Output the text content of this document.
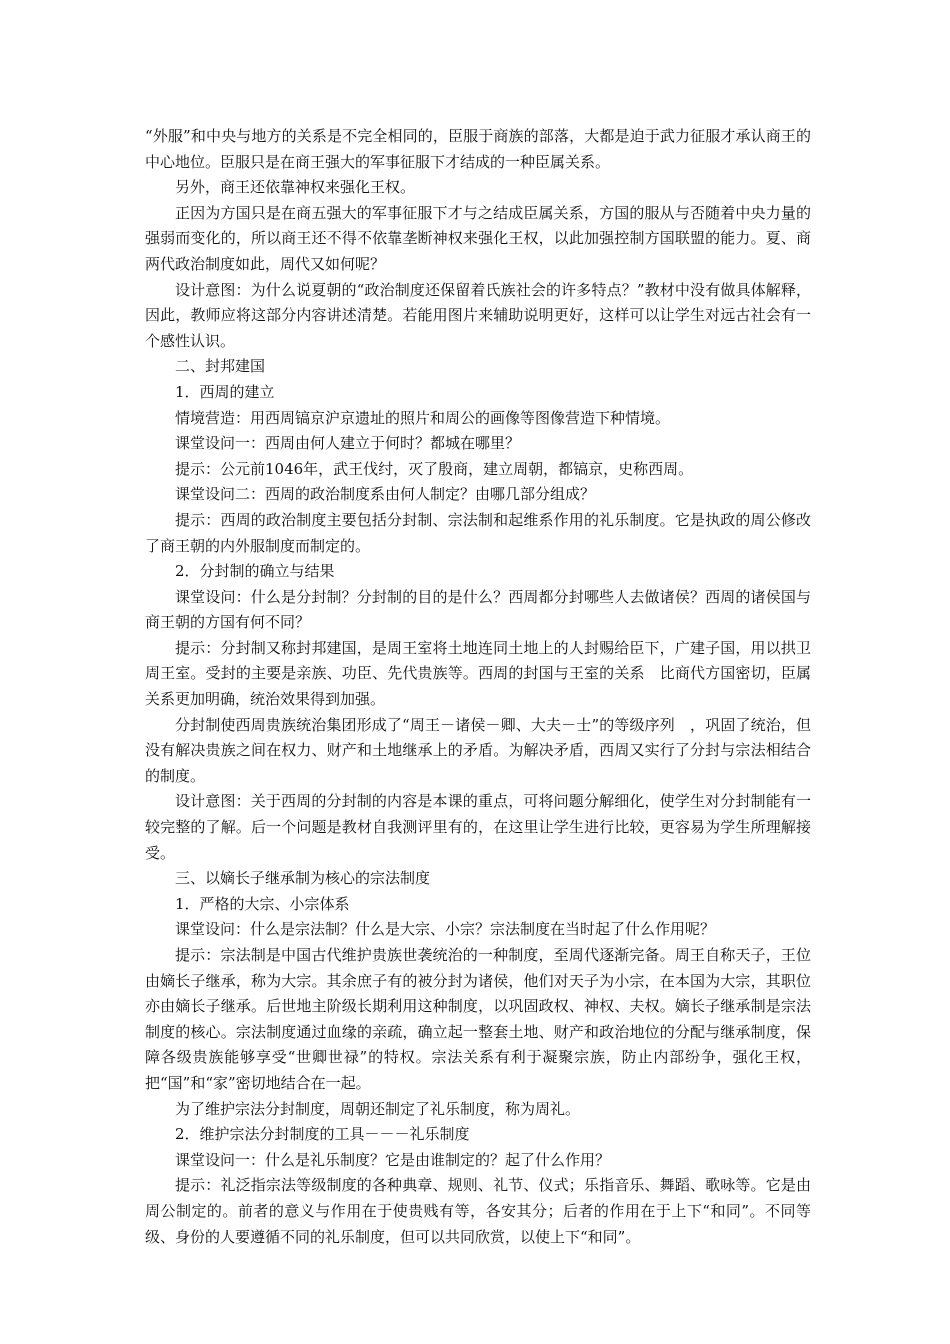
“外服”和中央与地方的关系是不完全相同的，臣服于商族的部落，大都是迫于武力征服才承认商王的中心地位。臣服只是在商王强大的军事征服下才结成的一种臣属关系。

另外，商王还依靠神权来强化王权。

正因为方国只是在商五强大的军事征服下才与之结成臣属关系，方国的服从与否随着中央力量的强弱而变化的，所以商王还不得不依靠垄断神权来强化王权，以此加强控制方国联盟的能力。夏、商两代政治制度如此，周代又如何呢？

设计意图：为什么说夏朝的“政治制度还保留着氏族社会的许多特点？”教材中没有做具体解释，因此，教师应将这部分内容讲述清楚。若能用图片来辅助说明更好，这样可以让学生对远古社会有一个感性认识。

二、封邦建国

1．西周的建立

情境营造：用西周镐京沪京遗址的照片和周公的画像等图像营造下种情境。

课堂设问一：西周由何人建立于何时？都城在哪里？

提示：公元前1046年，武王伐纣，灭了殷商，建立周朝，都镐京，史称西周。

课堂设问二：西周的政治制度系由何人制定？由哪几部分组成？

提示：西周的政治制度主要包括分封制、宗法制和起维系作用的礼乐制度。它是执政的周公修改了商王朝的内外服制度而制定的。

2．分封制的确立与结果

课堂设问：什么是分封制？分封制的目的是什么？西周都分封哪些人去做诸侯？西周的诸侯国与商王朝的方国有何不同？

提示：分封制又称封邦建国，是周王室将土地连同土地上的人封赐给臣下，广建子国，用以拱卫周王室。受封的主要是亲族、功臣、先代贵族等。西周的封国与王室的关系　比商代方国密切，臣属关系更加明确，统治效果得到加强。

分封制使西周贵族统治集团形成了“周王－诸侯－卿、大夫－士”的等级序列　，巩固了统治，但没有解决贵族之间在权力、财产和土地继承上的矛盾。为解决矛盾，西周又实行了分封与宗法相结合的制度。

设计意图：关于西周的分封制的内容是本课的重点，可将问题分解细化，使学生对分封制能有一较完整的了解。后一个问题是教材自我测评里有的，在这里让学生进行比较，更容易为学生所理解接受。

三、以嫡长子继承制为核心的宗法制度

1．严格的大宗、小宗体系

课堂设问：什么是宗法制？什么是大宗、小宗？宗法制度在当时起了什么作用呢？

提示：宗法制是中国古代维护贵族世袭统治的一种制度，至周代逐渐完备。周王自称天子，王位由嫡长子继承，称为大宗。其余庶子有的被分封为诸侯，他们对天子为小宗，在本国为大宗，其职位亦由嫡长子继承。后世地主阶级长期利用这种制度，以巩固政权、神权、夫权。嫡长子继承制是宗法制度的核心。宗法制度通过血缘的亲疏，确立起一整套土地、财产和政治地位的分配与继承制度，保障各级贵族能够享受“世卿世禄”的特权。宗法关系有利于凝聚宗族，防止内部纷争，强化王权，把“国”和“家”密切地结合在一起。

为了维护宗法分封制度，周朝还制定了礼乐制度，称为周礼。

2．维护宗法分封制度的工具－－－礼乐制度

课堂设问一：什么是礼乐制度？它是由谁制定的？起了什么作用？

提示：礼泛指宗法等级制度的各种典章、规则、礼节、仪式；乐指音乐、舞蹈、歌咏等。它是由周公制定的。前者的意义与作用在于使贵贱有等，各安其分；后者的作用在于上下“和同”。不同等级、身份的人要遵循不同的礼乐制度，但可以共同欣赏，以使上下“和同”。
